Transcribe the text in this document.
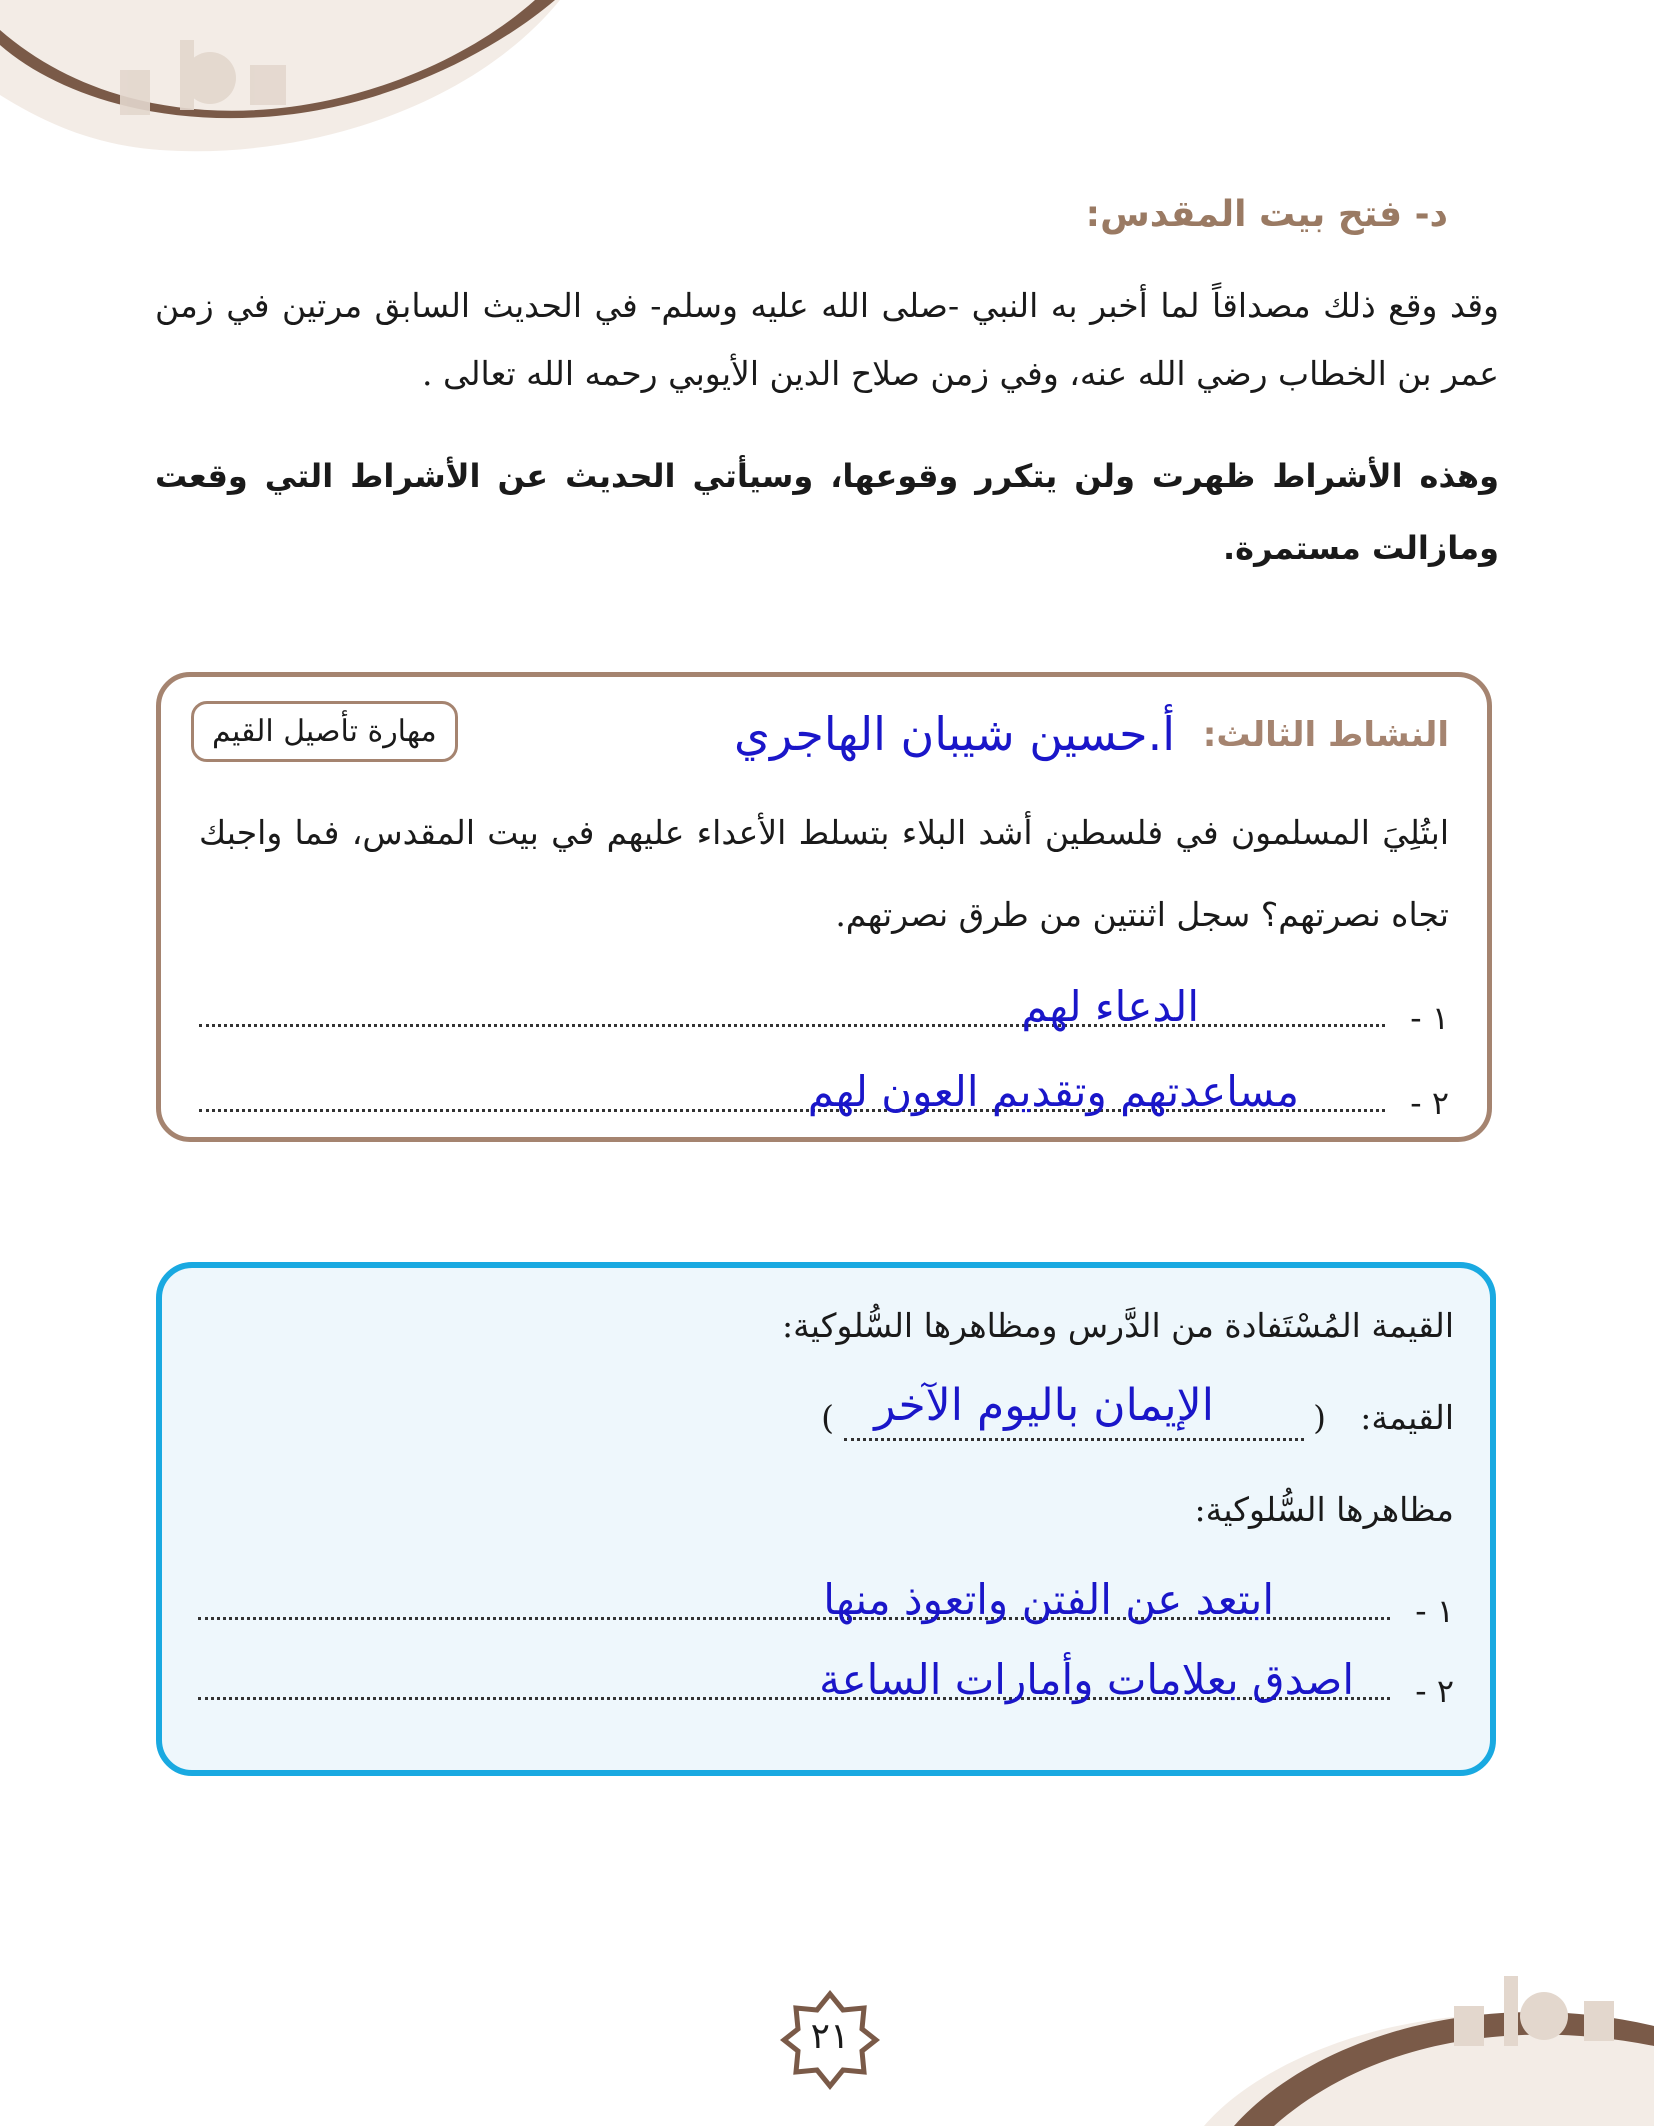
د- فتح بيت المقدس:
وقد وقع ذلك مصداقاً لما أخبر به النبي -صلى الله عليه وسلم- في الحديث السابق مرتين في زمن عمر بن الخطاب رضي الله عنه، وفي زمن صلاح الدين الأيوبي رحمه الله تعالى .
وهذه الأشراط ظهرت ولن يتكرر وقوعها، وسيأتي الحديث عن الأشراط التي وقعت ومازالت مستمرة.
النشاط الثالث:
أ.حسين شيبان الهاجري
مهارة تأصيل القيم
ابتُلِيَ المسلمون في فلسطين أشد البلاء بتسلط الأعداء عليهم في بيت المقدس، فما واجبك تجاه نصرتهم؟ سجل اثنتين من طرق نصرتهم.
١ -
الدعاء لهم
٢ -
مساعدتهم وتقديم العون لهم
القيمة المُسْتَفادة من الدَّرس ومظاهرها السُّلوكية:
القيمة:
(
الإيمان باليوم الآخر
)
مظاهرها السُّلوكية:
١ -
ابتعد عن الفتن واتعوذ منها
٢ -
اصدق بعلامات وأمارات الساعة
٢١
